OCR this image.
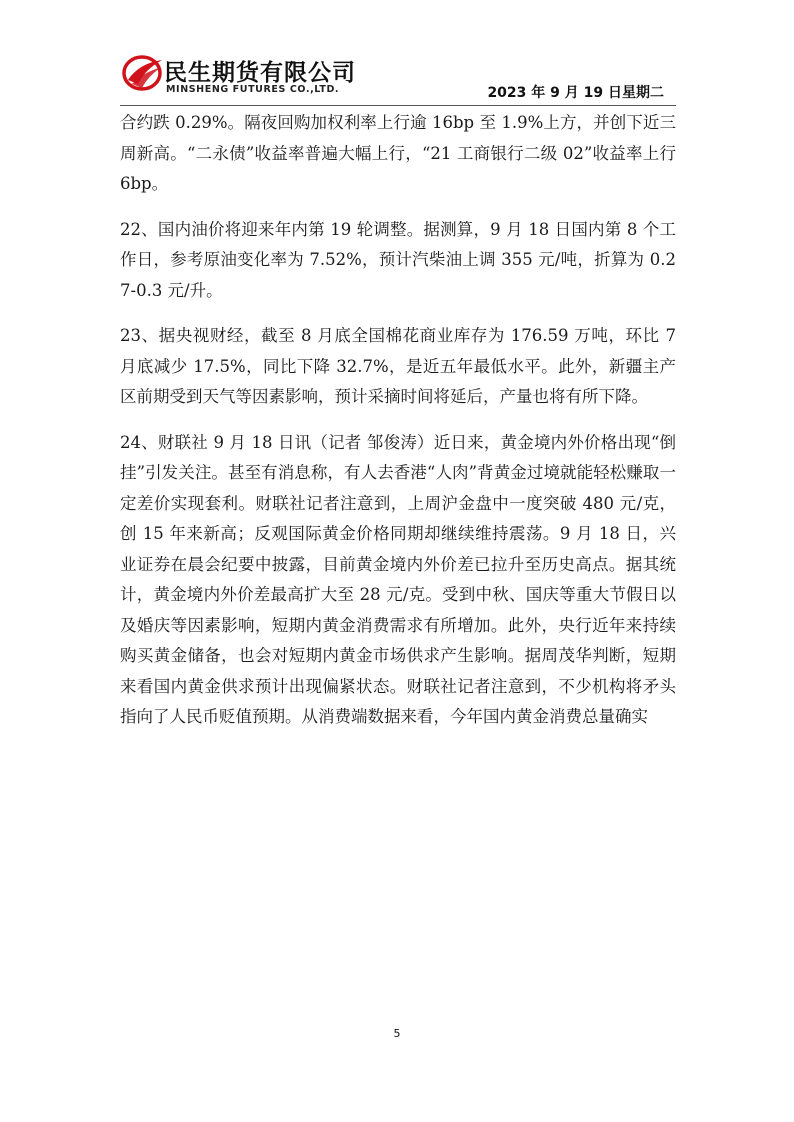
民生期货有限公司
MINSHENG FUTURES CO.,LTD.	2023 年 9 月 19 日星期二

合约跌 0.29%。隔夜回购加权利率上行逾 16bp 至 1.9%上方，并创下近三周新高。“二永债”收益率普遍大幅上行，“21 工商银行二级 02”收益率上行 6bp。

22、国内油价将迎来年内第 19 轮调整。据测算，9 月 18 日国内第 8 个工作日，参考原油变化率为 7.52%，预计汽柴油上调 355 元/吨，折算为 0.27-0.3 元/升。

23、据央视财经，截至 8 月底全国棉花商业库存为 176.59 万吨，环比 7 月底减少 17.5%，同比下降 32.7%，是近五年最低水平。此外，新疆主产区前期受到天气等因素影响，预计采摘时间将延后，产量也将有所下降。

24、财联社 9 月 18 日讯（记者 邹俊涛）近日来，黄金境内外价格出现“倒挂”引发关注。甚至有消息称，有人去香港“人肉”背黄金过境就能轻松赚取一定差价实现套利。财联社记者注意到，上周沪金盘中一度突破 480 元/克，创 15 年来新高；反观国际黄金价格同期却继续维持震荡。9 月 18 日，兴业证券在晨会纪要中披露，目前黄金境内外价差已拉升至历史高点。据其统计，黄金境内外价差最高扩大至 28 元/克。受到中秋、国庆等重大节假日以及婚庆等因素影响，短期内黄金消费需求有所增加。此外，央行近年来持续购买黄金储备，也会对短期内黄金市场供求产生影响。据周茂华判断，短期来看国内黄金供求预计出现偏紧状态。财联社记者注意到，不少机构将矛头指向了人民币贬值预期。从消费端数据来看，今年国内黄金消费总量确实

5
